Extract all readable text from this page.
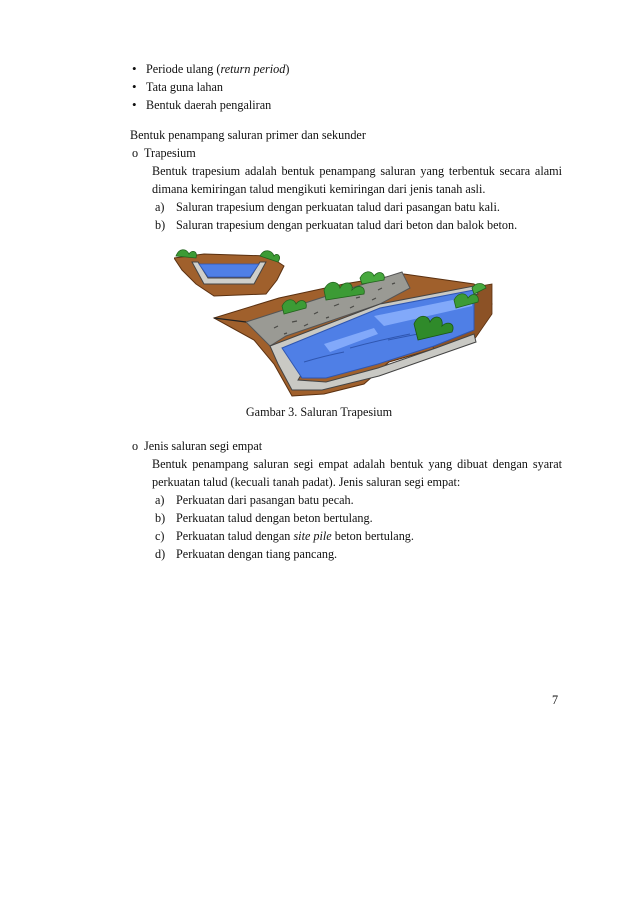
• Periode ulang (return period)
• Tata guna lahan
• Bentuk daerah pengaliran
Bentuk penampang saluran primer dan sekunder
o Trapesium
Bentuk trapesium adalah bentuk penampang saluran yang terbentuk secara alami
dimana kemiringan talud mengikuti kemiringan dari jenis tanah asli.
a) Saluran trapesium dengan perkuatan talud dari pasangan batu kali.
b) Saluran trapesium dengan perkuatan talud dari beton dan balok beton.
Gambar 3. Saluran Trapesium
o Jenis saluran segi empat
Bentuk penampang saluran segi empat adalah bentuk yang dibuat dengan syarat
perkuatan talud (kecuali tanah padat). Jenis saluran segi empat:
a) Perkuatan dari pasangan batu pecah.
b) Perkuatan talud dengan beton bertulang.
c) Perkuatan talud dengan site pile beton bertulang.
d) Perkuatan dengan tiang pancang.
7
